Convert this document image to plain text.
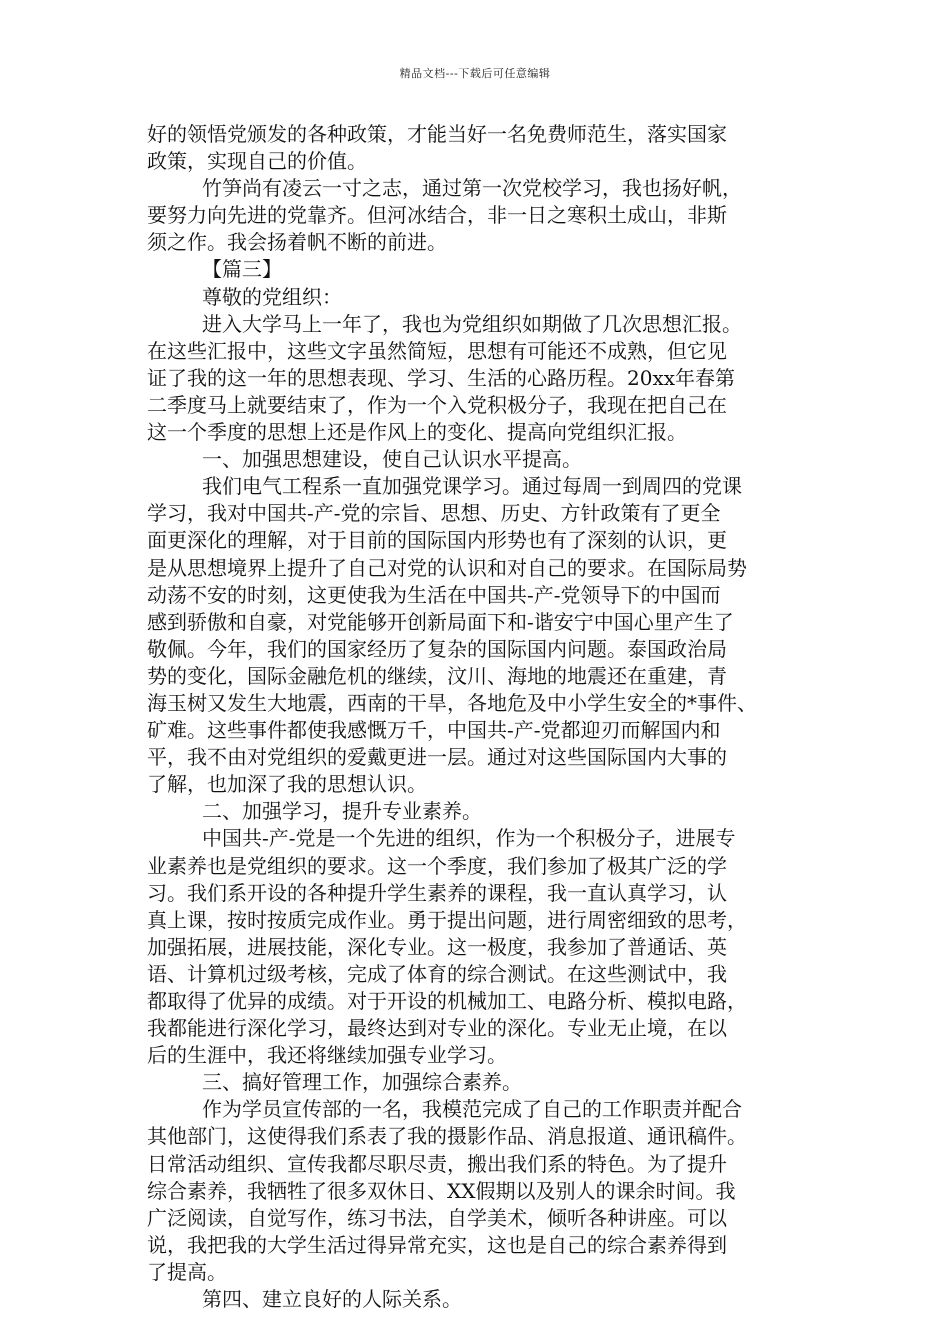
精品文档---下载后可任意编辑
好的领悟党颁发的各种政策，才能当好一名免费师范生，落实国家
政策，实现自己的价值。
竹笋尚有凌云一寸之志，通过第一次党校学习，我也扬好帆，
要努力向先进的党靠齐。但河冰结合，非一日之寒积土成山，非斯
须之作。我会扬着帆不断的前进。
【篇三】
尊敬的党组织：
进入大学马上一年了，我也为党组织如期做了几次思想汇报。
在这些汇报中，这些文字虽然简短，思想有可能还不成熟，但它见
证了我的这一年的思想表现、学习、生活的心路历程。20xx年春第
二季度马上就要结束了，作为一个入党积极分子，我现在把自己在
这一个季度的思想上还是作风上的变化、提高向党组织汇报。
一、加强思想建设，使自己认识水平提高。
我们电气工程系一直加强党课学习。通过每周一到周四的党课
学习，我对中国共-产-党的宗旨、思想、历史、方针政策有了更全
面更深化的理解，对于目前的国际国内形势也有了深刻的认识，更
是从思想境界上提升了自己对党的认识和对自己的要求。在国际局势
动荡不安的时刻，这更使我为生活在中国共-产-党领导下的中国而
感到骄傲和自豪，对党能够开创新局面下和-谐安宁中国心里产生了
敬佩。今年，我们的国家经历了复杂的国际国内问题。泰国政治局
势的变化，国际金融危机的继续，汶川、海地的地震还在重建，青
海玉树又发生大地震，西南的干旱，各地危及中小学生安全的*事件、
矿难。这些事件都使我感慨万千，中国共-产-党都迎刃而解国内和
平，我不由对党组织的爱戴更进一层。通过对这些国际国内大事的
了解，也加深了我的思想认识。
二、加强学习，提升专业素养。
中国共-产-党是一个先进的组织，作为一个积极分子，进展专
业素养也是党组织的要求。这一个季度，我们参加了极其广泛的学
习。我们系开设的各种提升学生素养的课程，我一直认真学习，认
真上课，按时按质完成作业。勇于提出问题，进行周密细致的思考，
加强拓展，进展技能，深化专业。这一极度，我参加了普通话、英
语、计算机过级考核，完成了体育的综合测试。在这些测试中，我
都取得了优异的成绩。对于开设的机械加工、电路分析、模拟电路，
我都能进行深化学习，最终达到对专业的深化。专业无止境，在以
后的生涯中，我还将继续加强专业学习。
三、搞好管理工作，加强综合素养。
作为学员宣传部的一名，我模范完成了自己的工作职责并配合
其他部门，这使得我们系表了我的摄影作品、消息报道、通讯稿件。
日常活动组织、宣传我都尽职尽责，搬出我们系的特色。为了提升
综合素养，我牺牲了很多双休日、XX假期以及别人的课余时间。我
广泛阅读，自觉写作，练习书法，自学美术，倾听各种讲座。可以
说，我把我的大学生活过得异常充实，这也是自己的综合素养得到
了提高。
第四、建立良好的人际关系。
